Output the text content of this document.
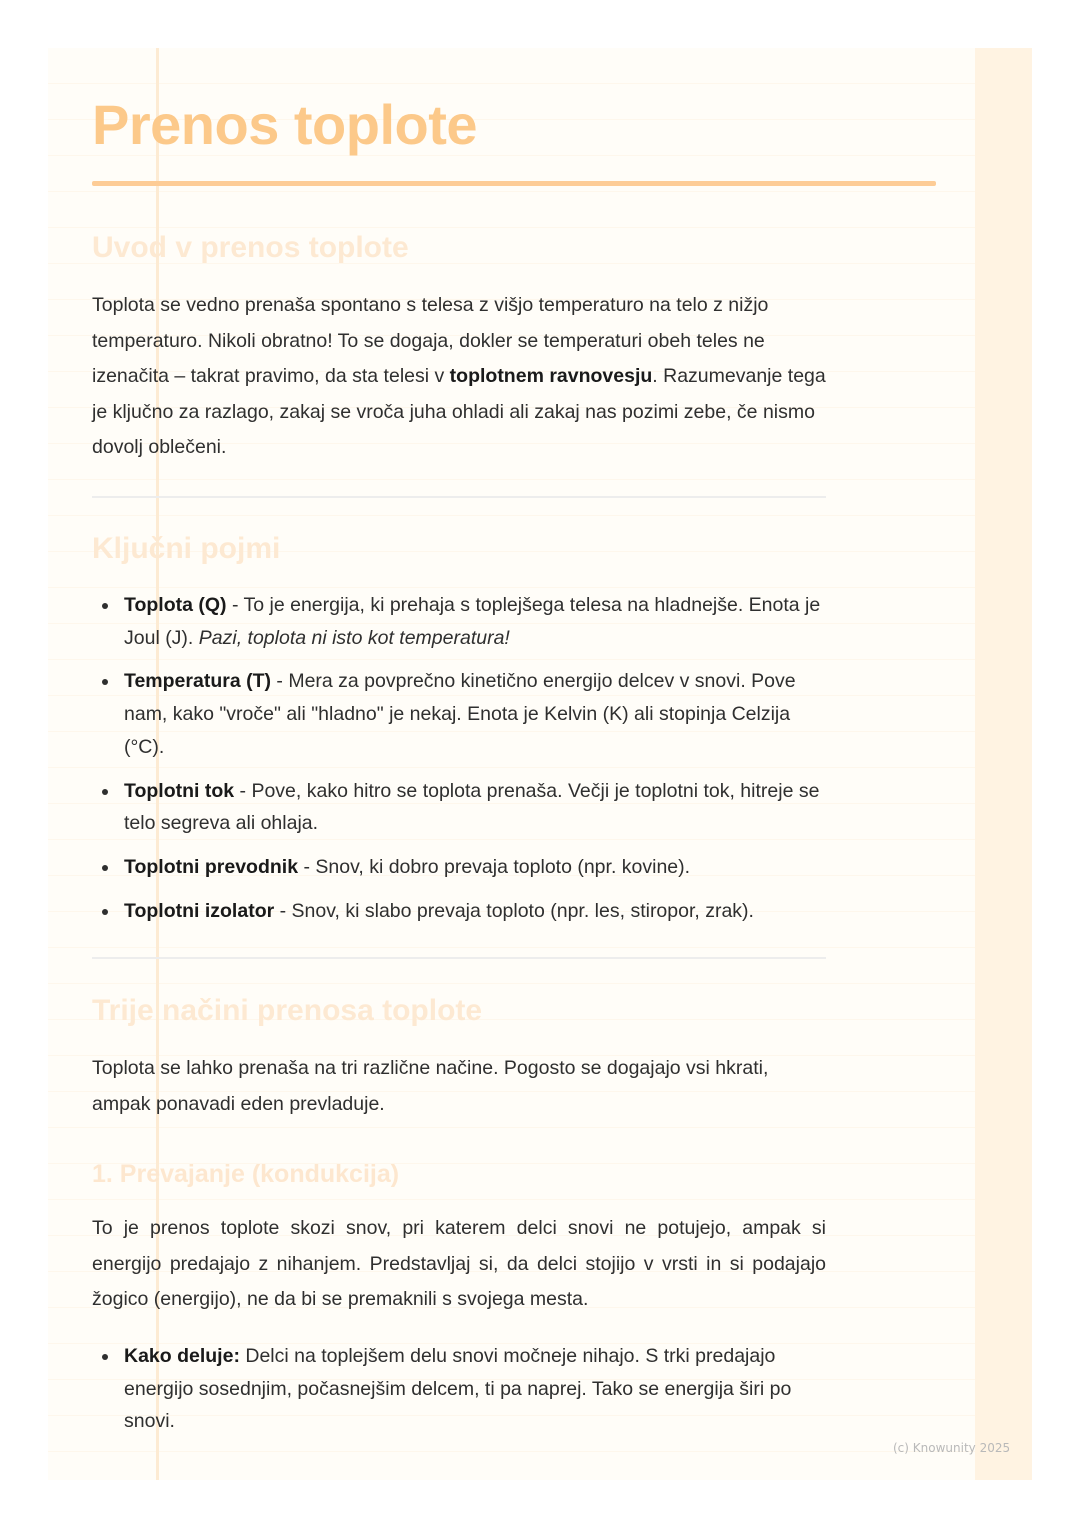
Prenos toplote
Uvod v prenos toplote

Toplota se vedno prenaša spontano s telesa z višjo temperaturo na telo z nižjo temperaturo. Nikoli obratno! To se dogaja, dokler se temperaturi obeh teles ne izenačita – takrat pravimo, da sta telesi v toplotnem ravnovesju. Razumevanje tega je ključno za razlago, zakaj se vroča juha ohladi ali zakaj nas pozimi zebe, če nismo dovolj oblečeni.

Ključni pojmi
Toplota (Q) - To je energija, ki prehaja s toplejšega telesa na hladnejše. Enota je Joul (J). Pazi, toplota ni isto kot temperatura!
Temperatura (T) - Mera za povprečno kinetično energijo delcev v snovi. Pove nam, kako "vroče" ali "hladno" je nekaj. Enota je Kelvin (K) ali stopinja Celzija (°C).
Toplotni tok - Pove, kako hitro se toplota prenaša. Večji je toplotni tok, hitreje se telo segreva ali ohlaja.
Toplotni prevodnik - Snov, ki dobro prevaja toploto (npr. kovine).
Toplotni izolator - Snov, ki slabo prevaja toploto (npr. les, stiropor, zrak).
Trije načini prenosa toplote

Toplota se lahko prenaša na tri različne načine. Pogosto se dogajajo vsi hkrati, ampak ponavadi eden prevladuje.

1. Prevajanje (kondukcija)

To je prenos toplote skozi snov, pri katerem delci snovi ne potujejo, ampak si energijo predajajo z nihanjem. Predstavljaj si, da delci stojijo v vrsti in si podajajo žogico (energijo), ne da bi se premaknili s svojega mesta.

Kako deluje: Delci na toplejšem delu snovi močneje nihajo. S trki predajajo energijo sosednjim, počasnejšim delcem, ti pa naprej. Tako se energija širi po snovi.
(c) Knowunity 2025
